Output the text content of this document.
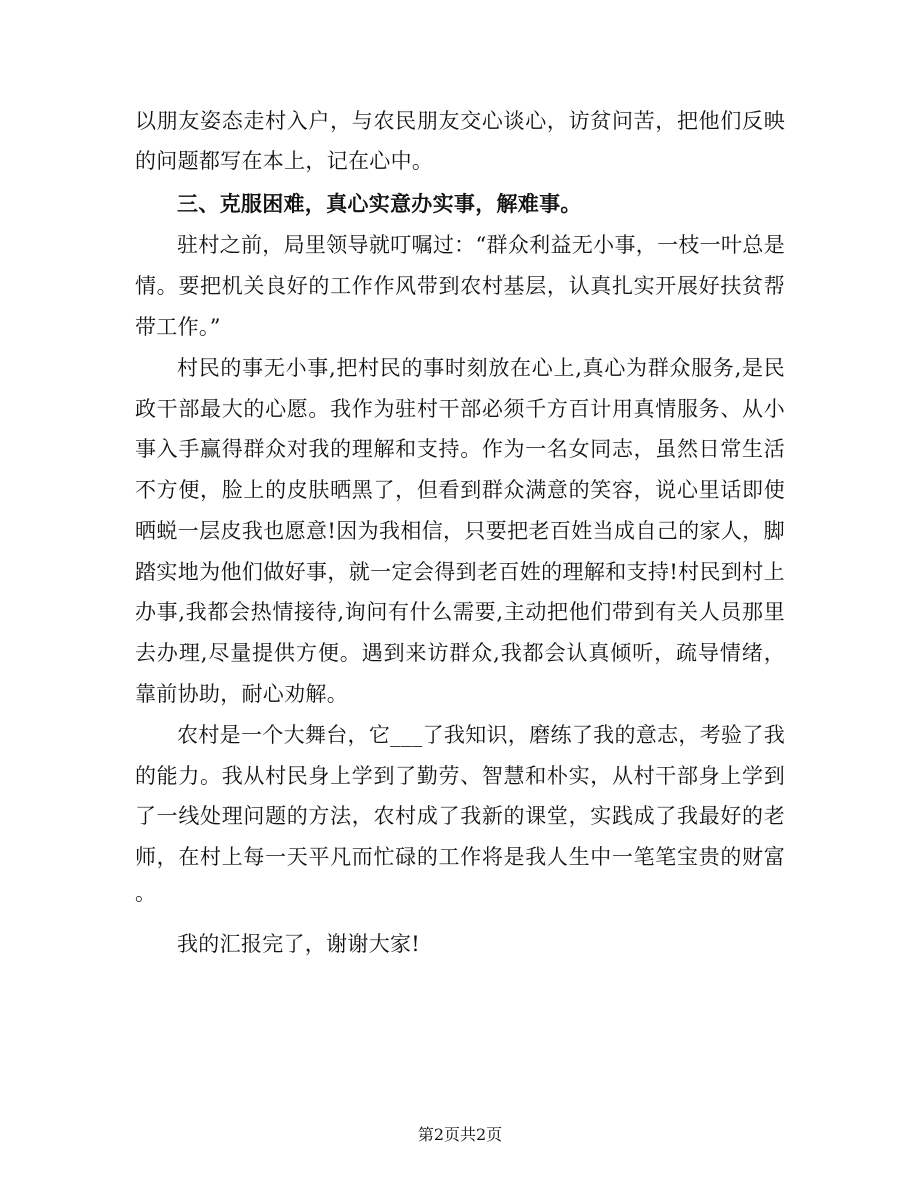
以朋友姿态走村入户，与农民朋友交心谈心，访贫问苦，把他们反映
的问题都写在本上，记在心中。
三、克服困难，真心实意办实事，解难事。
驻村之前，局里领导就叮嘱过：“群众利益无小事，一枝一叶总是
情。要把机关良好的工作作风带到农村基层，认真扎实开展好扶贫帮
带工作。”
村民的事无小事,把村民的事时刻放在心上,真心为群众服务,是民
政干部最大的心愿。我作为驻村干部必须千方百计用真情服务、从小
事入手赢得群众对我的理解和支持。作为一名女同志，虽然日常生活
不方便，脸上的皮肤晒黑了，但看到群众满意的笑容，说心里话即使
晒蜕一层皮我也愿意!因为我相信，只要把老百姓当成自己的家人，脚
踏实地为他们做好事，就一定会得到老百姓的理解和支持!村民到村上
办事,我都会热情接待,询问有什么需要,主动把他们带到有关人员那里
去办理,尽量提供方便。遇到来访群众,我都会认真倾听，疏导情绪，
靠前协助，耐心劝解。
农村是一个大舞台，它___了我知识，磨练了我的意志，考验了我
的能力。我从村民身上学到了勤劳、智慧和朴实，从村干部身上学到
了一线处理问题的方法，农村成了我新的课堂，实践成了我最好的老
师，在村上每一天平凡而忙碌的工作将是我人生中一笔笔宝贵的财富
。
我的汇报完了，谢谢大家!
第2页共2页
